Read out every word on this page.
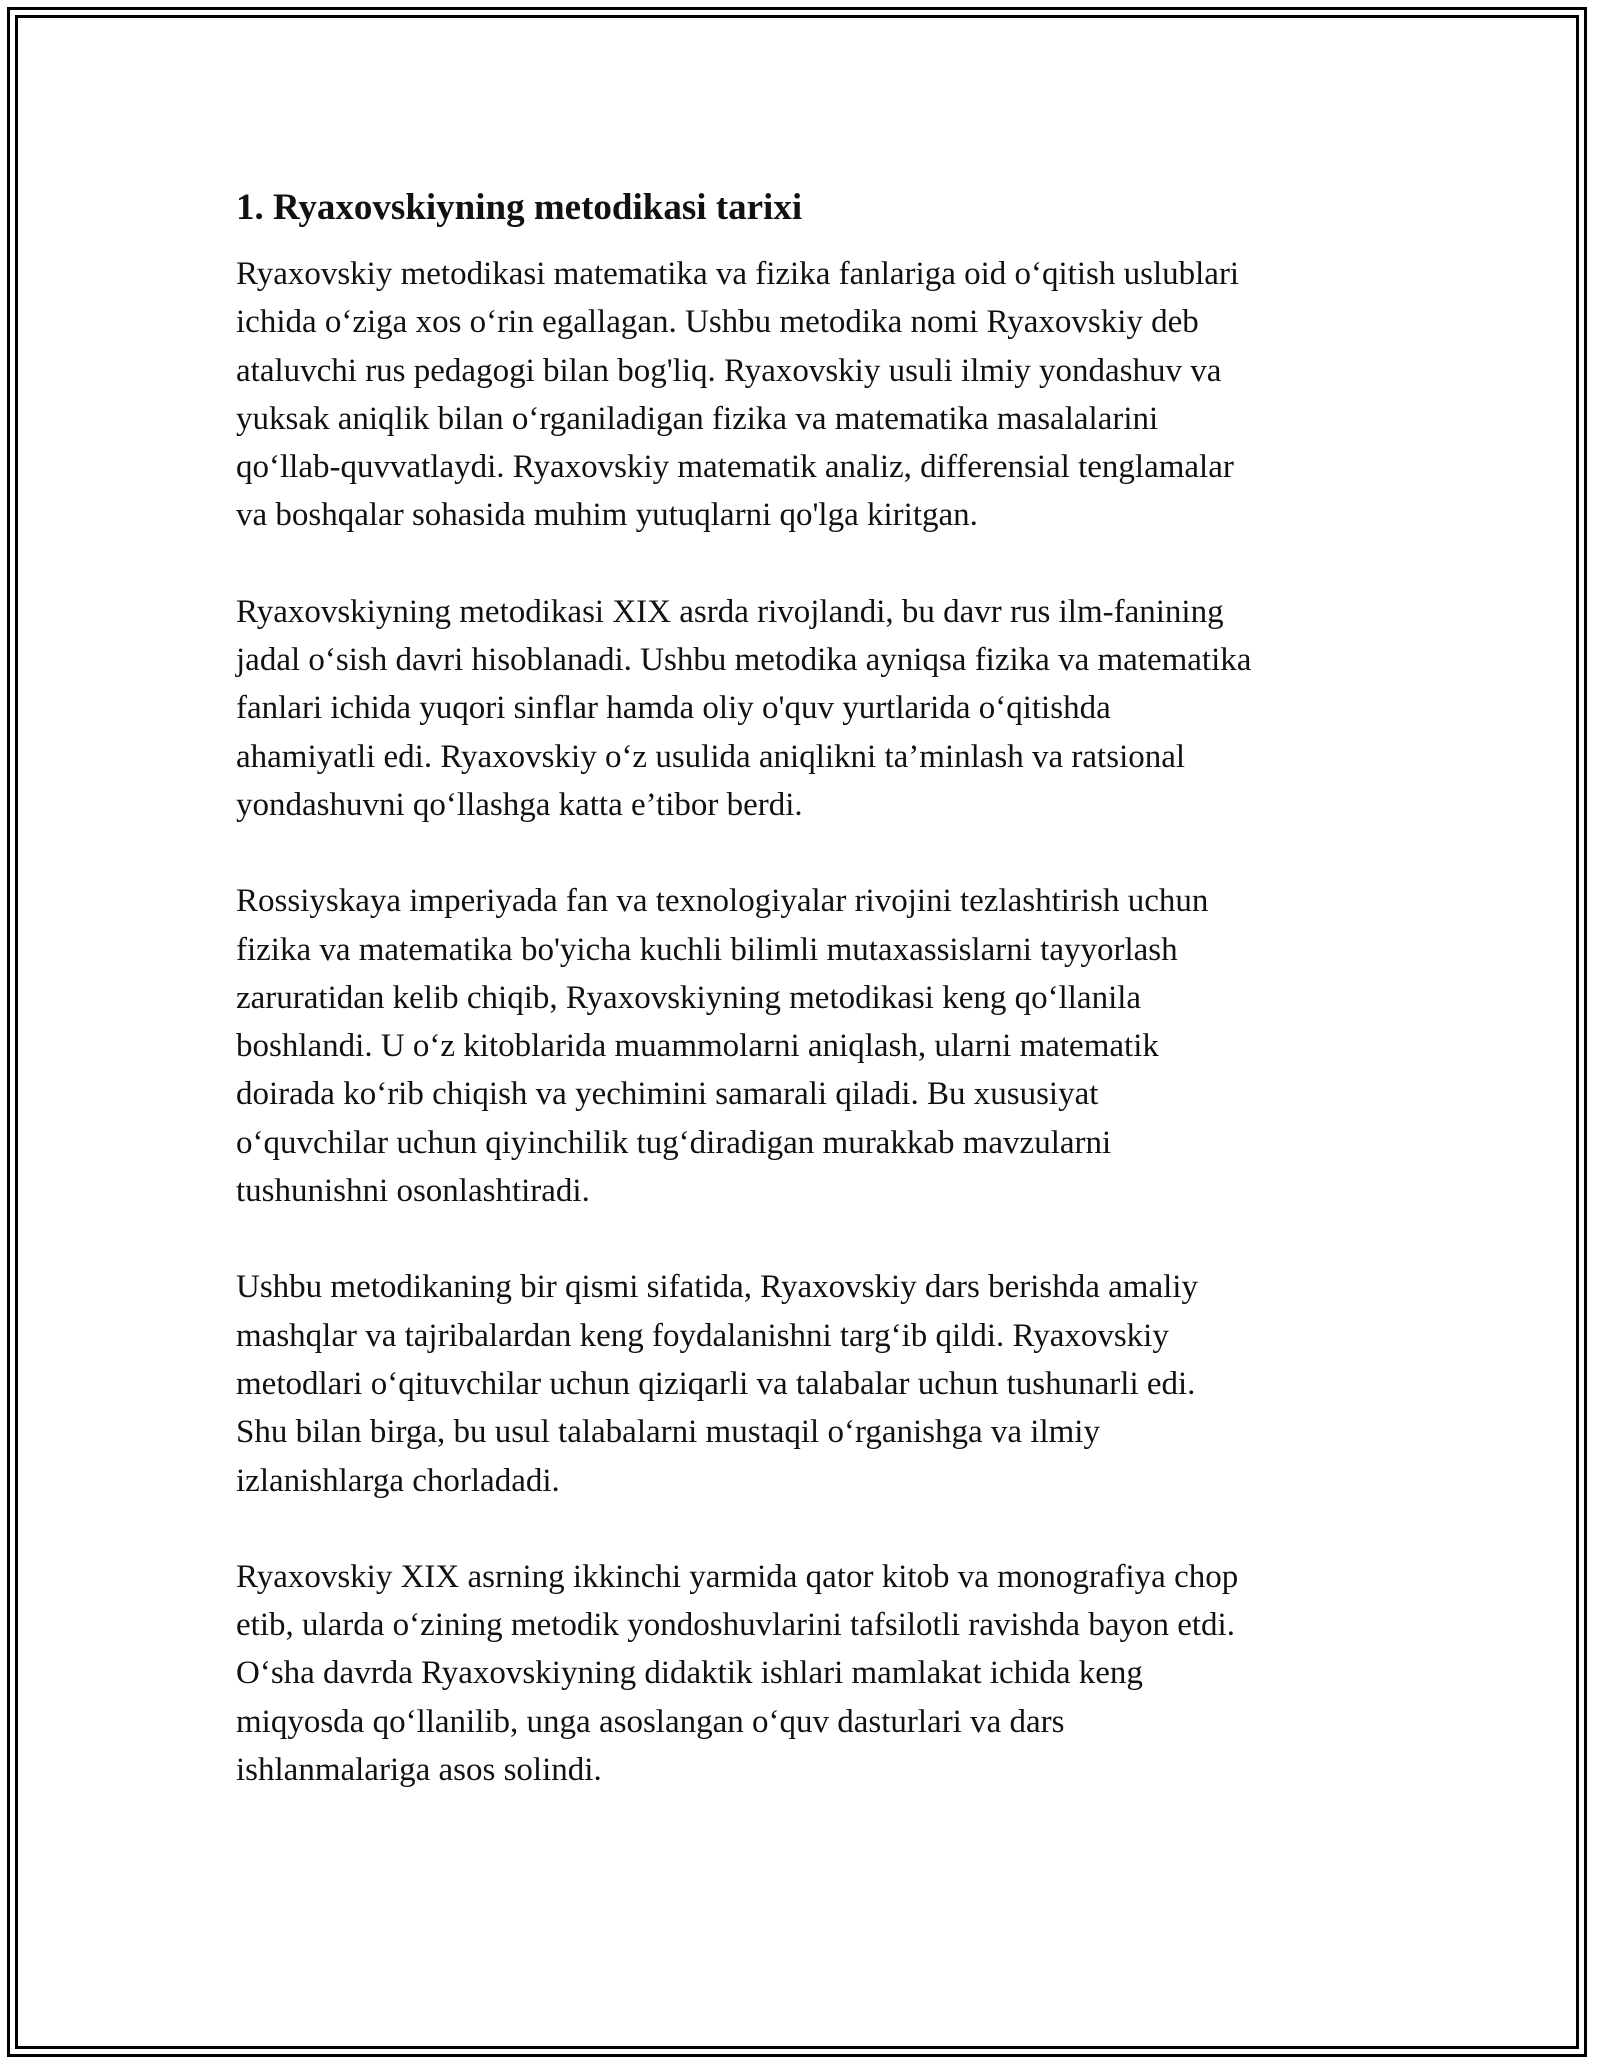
1. Ryaxovskiyning metodikasi tarixi

Ryaxovskiy metodikasi matematika va fizika fanlariga oid o‘qitish uslublari
ichida o‘ziga xos o‘rin egallagan. Ushbu metodika nomi Ryaxovskiy deb
ataluvchi rus pedagogi bilan bog'liq. Ryaxovskiy usuli ilmiy yondashuv va
yuksak aniqlik bilan o‘rganiladigan fizika va matematika masalalarini
qo‘llab-quvvatlaydi. Ryaxovskiy matematik analiz, differensial tenglamalar
va boshqalar sohasida muhim yutuqlarni qo'lga kiritgan.

Ryaxovskiyning metodikasi XIX asrda rivojlandi, bu davr rus ilm-fanining
jadal o‘sish davri hisoblanadi. Ushbu metodika ayniqsa fizika va matematika
fanlari ichida yuqori sinflar hamda oliy o'quv yurtlarida o‘qitishda
ahamiyatli edi. Ryaxovskiy o‘z usulida aniqlikni ta’minlash va ratsional
yondashuvni qo‘llashga katta e’tibor berdi.

Rossiyskaya imperiyada fan va texnologiyalar rivojini tezlashtirish uchun
fizika va matematika bo'yicha kuchli bilimli mutaxassislarni tayyorlash
zaruratidan kelib chiqib, Ryaxovskiyning metodikasi keng qo‘llanila
boshlandi. U o‘z kitoblarida muammolarni aniqlash, ularni matematik
doirada ko‘rib chiqish va yechimini samarali qiladi. Bu xususiyat
o‘quvchilar uchun qiyinchilik tug‘diradigan murakkab mavzularni
tushunishni osonlashtiradi.

Ushbu metodikaning bir qismi sifatida, Ryaxovskiy dars berishda amaliy
mashqlar va tajribalardan keng foydalanishni targ‘ib qildi. Ryaxovskiy
metodlari o‘qituvchilar uchun qiziqarli va talabalar uchun tushunarli edi.
Shu bilan birga, bu usul talabalarni mustaqil o‘rganishga va ilmiy
izlanishlarga chorladadi.

Ryaxovskiy XIX asrning ikkinchi yarmida qator kitob va monografiya chop
etib, ularda o‘zining metodik yondoshuvlarini tafsilotli ravishda bayon etdi.
O‘sha davrda Ryaxovskiyning didaktik ishlari mamlakat ichida keng
miqyosda qo‘llanilib, unga asoslangan o‘quv dasturlari va dars
ishlanmalariga asos solindi.
